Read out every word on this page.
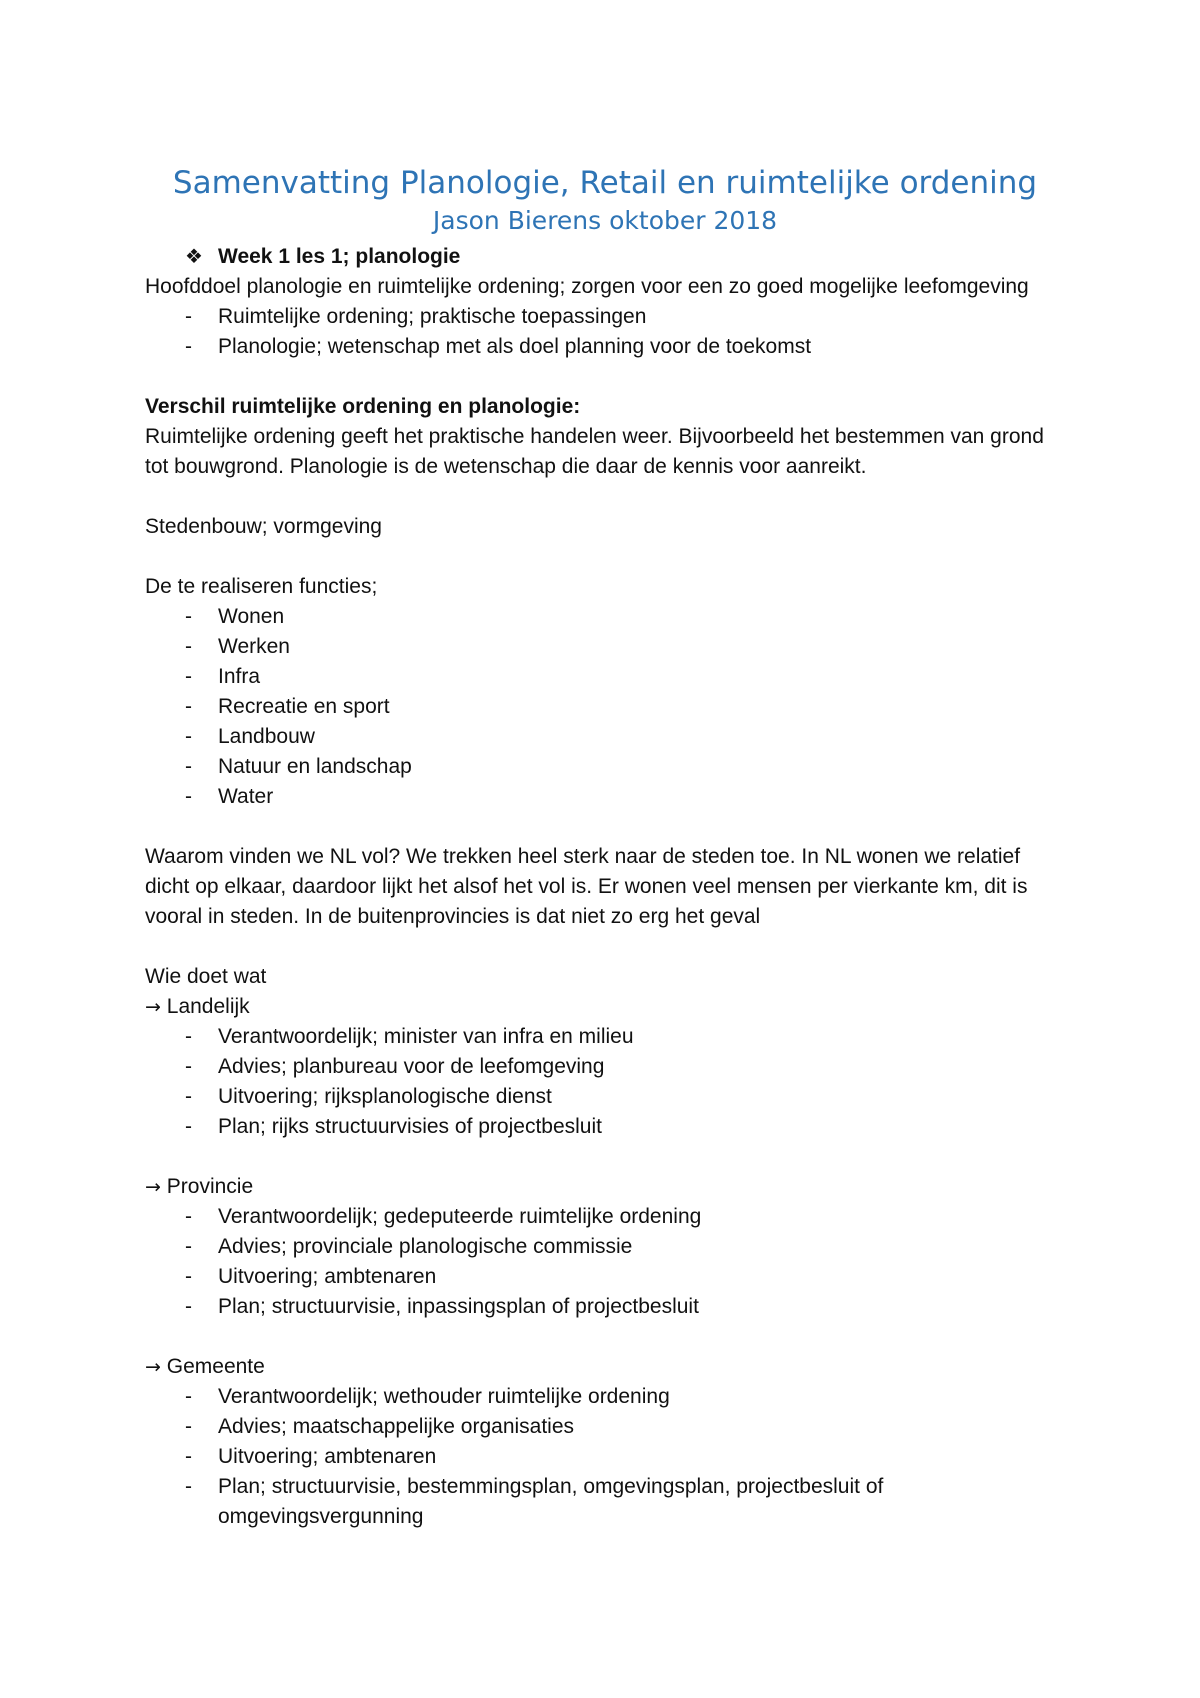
Samenvatting Planologie, Retail en ruimtelijke ordening
Jason Bierens oktober 2018
❖ Week 1 les 1; planologie

Hoofddoel planologie en ruimtelijke ordening; zorgen voor een zo goed mogelijke leefomgeving

- Ruimtelijke ordening; praktische toepassingen
- Planologie; wetenschap met als doel planning voor de toekomst

Verschil ruimtelijke ordening en planologie:

Ruimtelijke ordening geeft het praktische handelen weer. Bijvoorbeeld het bestemmen van grond tot bouwgrond. Planologie is de wetenschap die daar de kennis voor aanreikt.

Stedenbouw; vormgeving

De te realiseren functies;

- Wonen
- Werken
- Infra
- Recreatie en sport
- Landbouw
- Natuur en landschap
- Water

Waarom vinden we NL vol? We trekken heel sterk naar de steden toe. In NL wonen we relatief dicht op elkaar, daardoor lijkt het alsof het vol is. Er wonen veel mensen per vierkante km, dit is vooral in steden. In de buitenprovincies is dat niet zo erg het geval

Wie doet wat

→ Landelijk

- Verantwoordelijk; minister van infra en milieu
- Advies; planbureau voor de leefomgeving
- Uitvoering; rijksplanologische dienst
- Plan; rijks structuurvisies of projectbesluit

→ Provincie

- Verantwoordelijk; gedeputeerde ruimtelijke ordening
- Advies; provinciale planologische commissie
- Uitvoering; ambtenaren
- Plan; structuurvisie, inpassingsplan of projectbesluit

→ Gemeente

- Verantwoordelijk; wethouder ruimtelijke ordening
- Advies; maatschappelijke organisaties
- Uitvoering; ambtenaren
- Plan; structuurvisie, bestemmingsplan, omgevingsplan, projectbesluit of omgevingsvergunning
